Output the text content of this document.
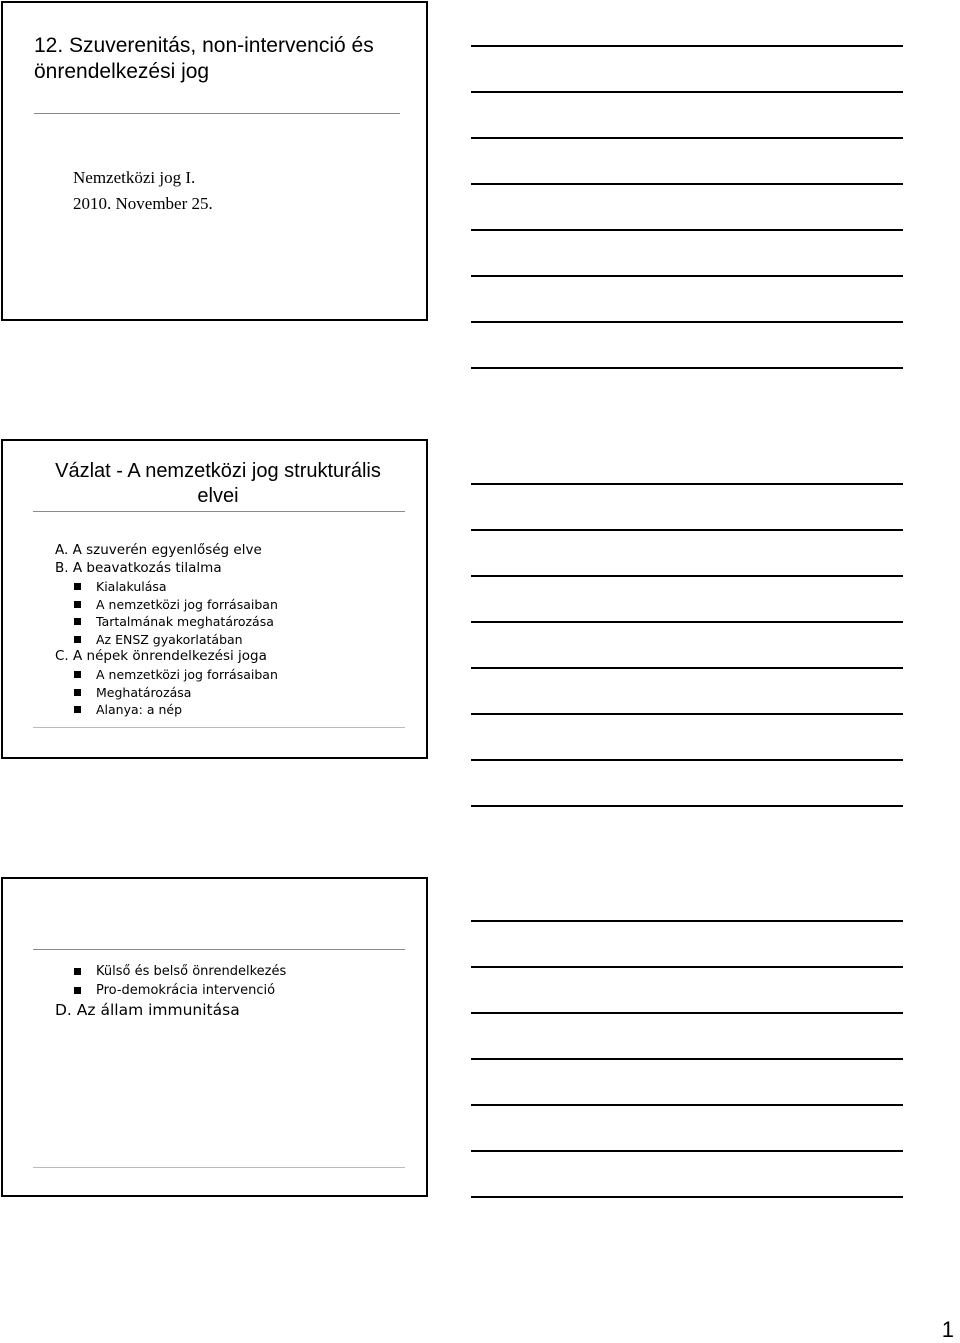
12. Szuverenitás, non-intervenció és önrendelkezési jog
Nemzetközi jog I.
2010. November 25.
Vázlat - A nemzetközi jog strukturális elvei
A. A szuverén egyenlőség elve
B. A beavatkozás tilalma
Kialakulása
A nemzetközi jog forrásaiban
Tartalmának meghatározása
Az ENSZ gyakorlatában
C. A népek önrendelkezési joga
A nemzetközi jog forrásaiban
Meghatározása
Alanya: a nép
Külső és belső önrendelkezés
Pro-demokrácia intervenció
D. Az állam immunitása
1
